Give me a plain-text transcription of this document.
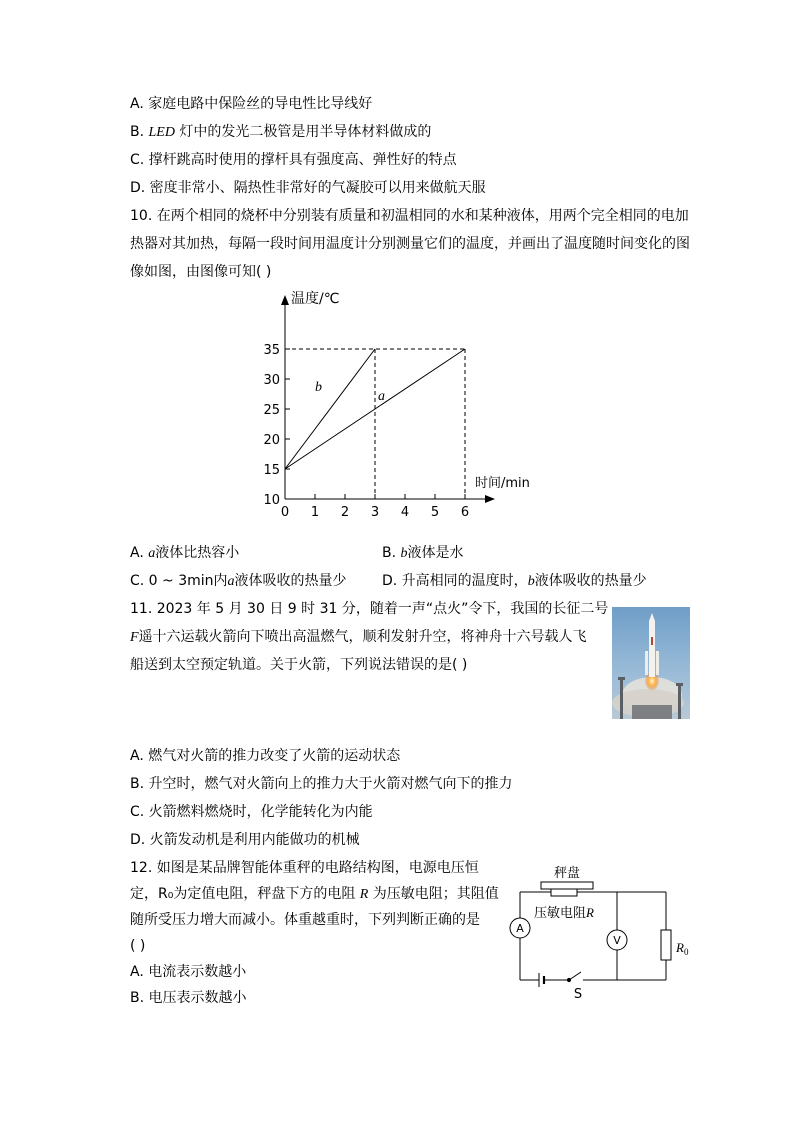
A. 家庭电路中保险丝的导电性比导线好
B. LED 灯中的发光二极管是用半导体材料做成的
C. 撑杆跳高时使用的撑杆具有强度高、弹性好的特点
D. 密度非常小、隔热性非常好的气凝胶可以用来做航天服
10. 在两个相同的烧杯中分别装有质量和初温相同的水和某种液体，用两个完全相同的电加
热器对其加热，每隔一段时间用温度计分别测量它们的温度，并画出了温度随时间变化的图
像如图，由图像可知( )
0 1 2 3 4 5 6
10
15
20
25
30
35
温度/℃
时间/min
b
a
A. a液体比热容小	B. b液体是水
C. 0 ~ 3min内a液体吸收的热量少	D. 升高相同的温度时，b液体吸收的热量少
11. 2023 年 5 月 30 日 9 时 31 分，随着一声“点火”令下，我国的长征二号
F遥十六运载火箭向下喷出高温燃气，顺利发射升空，将神舟十六号载人飞
船送到太空预定轨道。关于火箭，下列说法错误的是( )
A. 燃气对火箭的推力改变了火箭的运动状态
B. 升空时，燃气对火箭向上的推力大于火箭对燃气向下的推力
C. 火箭燃料燃烧时，化学能转化为内能
D. 火箭发动机是利用内能做功的机械
12. 如图是某品牌智能体重秤的电路结构图，电源电压恒
定，R₀为定值电阻，秤盘下方的电阻 R 为压敏电阻；其阻值
随所受压力增大而减小。体重越重时，下列判断正确的是
( )
A. 电流表示数越小
B. 电压表示数越小
秤盘
压敏电阻R
A
V	$R_0$
S
